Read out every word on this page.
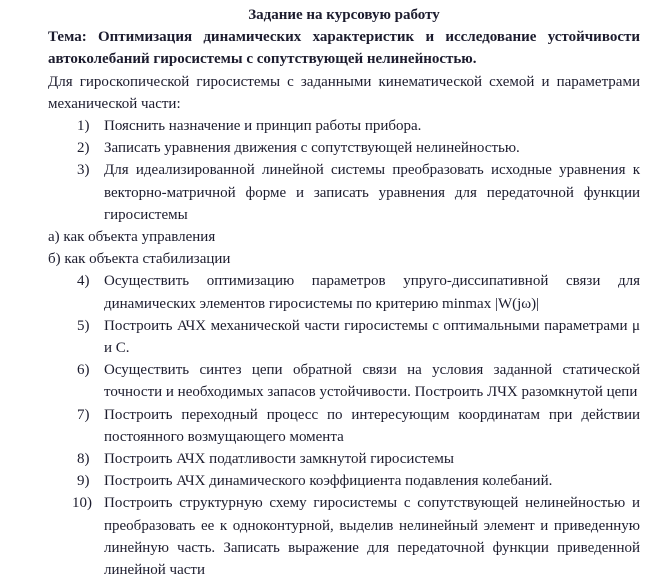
Задание на курсовую работу
Тема: Оптимизация динамических характеристик и исследование устойчивости автоколебаний гиросистемы с сопутствующей нелинейностью.
Для гироскопической гиросистемы с заданными кинематической схемой и параметрами механической части:
1) Пояснить назначение и принцип работы прибора.
2) Записать уравнения движения с сопутствующей нелинейностью.
3) Для идеализированной линейной системы преобразовать исходные уравнения к векторно-матричной форме и записать уравнения для передаточной функции гиросистемы
а) как объекта управления
б) как объекта стабилизации
4) Осуществить оптимизацию параметров упруго-диссипативной связи для динамических элементов гиросистемы по критерию minmax |W(jω)|
5) Построить АЧХ механической части гиросистемы с оптимальными параметрами μ и С.
6) Осуществить синтез цепи обратной связи на условия заданной статической точности и необходимых запасов устойчивости. Построить ЛЧХ разомкнутой цепи
7) Построить переходный процесс по интересующим координатам при действии постоянного возмущающего момента
8) Построить АЧХ податливости замкнутой гиросистемы
9) Построить АЧХ динамического коэффициента подавления колебаний.
10) Построить структурную схему гиросистемы с сопутствующей нелинейностью и преобразовать ее к одноконтурной, выделив нелинейный элемент и приведенную линейную часть. Записать выражение для передаточной функции приведенной линейной части
